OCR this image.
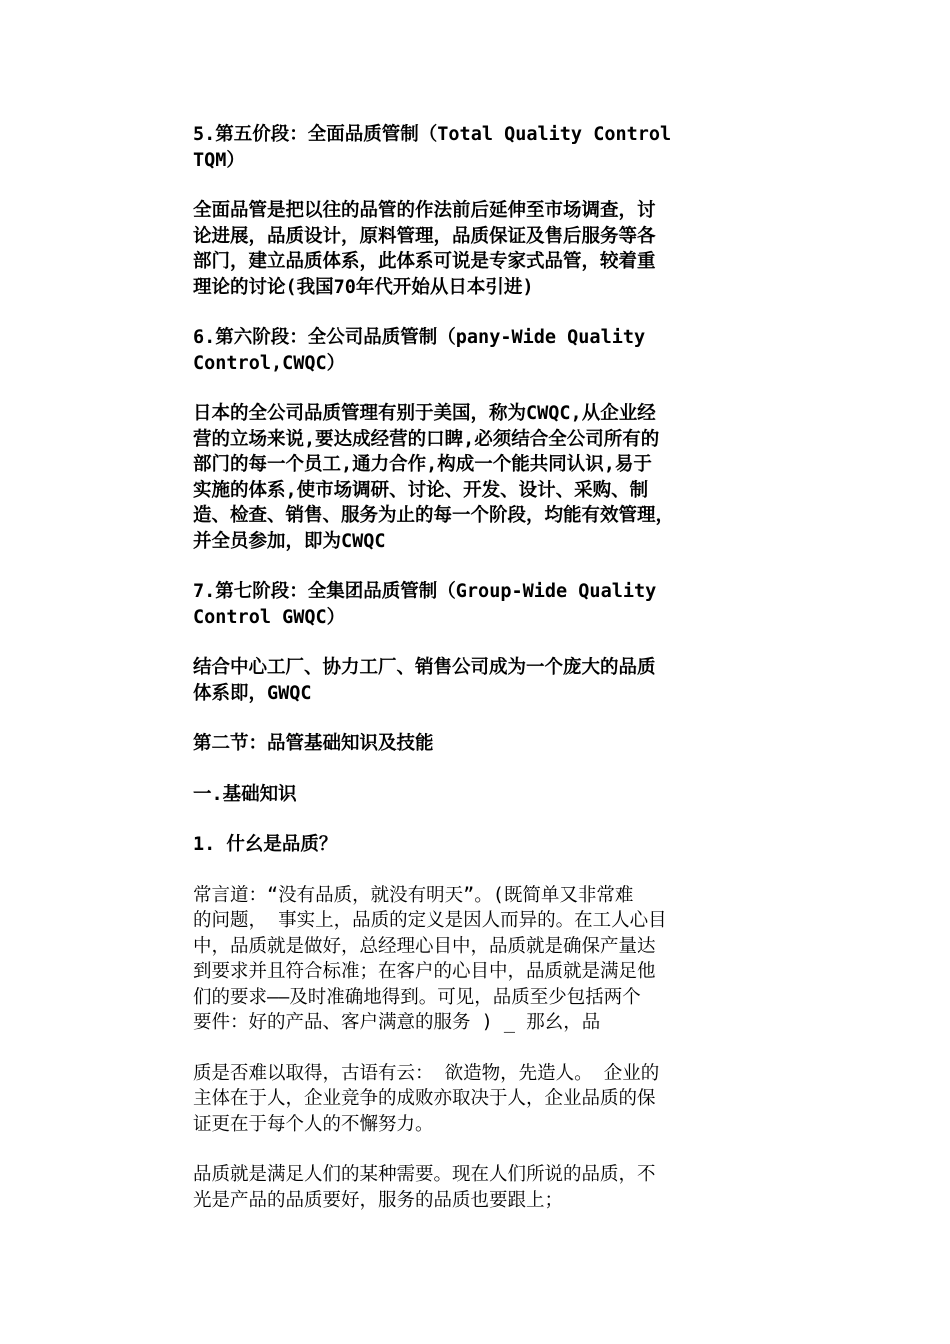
5.第五价段：全面品质管制（Total Quality Control
TQM）
全面品管是把以往的品管的作法前后延伸至市场调查，讨
论进展，品质设计，原料管理，品质保证及售后服务等各
部门，建立品质体系，此体系可说是专家式品管，较着重
理论的讨论(我国70年代开始从日本引进)
6.第六阶段：全公司品质管制（pany-Wide Quality
Control,CWQC）
日本的全公司品质管理有别于美国，称为CWQC,从企业经
营的立场来说,要达成经营的口睥,必须结合全公司所有的
部门的每一个员工,通力合作,构成一个能共同认识,易于
实施的体系,使市场调研、讨论、开发、设计、采购、制
造、检查、销售、服务为止的每一个阶段，均能有效管理，
并全员参加，即为CWQC
7.第七阶段：全集团品质管制（Group-Wide Quality
Control GWQC）
结合中心工厂、协力工厂、销售公司成为一个庞大的品质
体系即，GWQC
第二节：品管基础知识及技能
一.基础知识
1. 什幺是品质？
常言道：“没有品质，就没有明天”。(既简单又非常难
的问题， 事实上，品质的定义是因人而异的。在工人心目
中，品质就是做好，总经理心目中，品质就是确保产量达
到要求并且符合标准；在客户的心目中，品质就是满足他
们的要求——及时准确地得到。可见，品质至少包括两个
要件：好的产品、客户满意的服务 ) _ 那幺，品
质是否难以取得，古语有云： 欲造物，先造人。 企业的
主体在于人，企业竞争的成败亦取决于人，企业品质的保
证更在于每个人的不懈努力。
品质就是满足人们的某种需要。现在人们所说的品质，不
光是产品的品质要好，服务的品质也要跟上；
